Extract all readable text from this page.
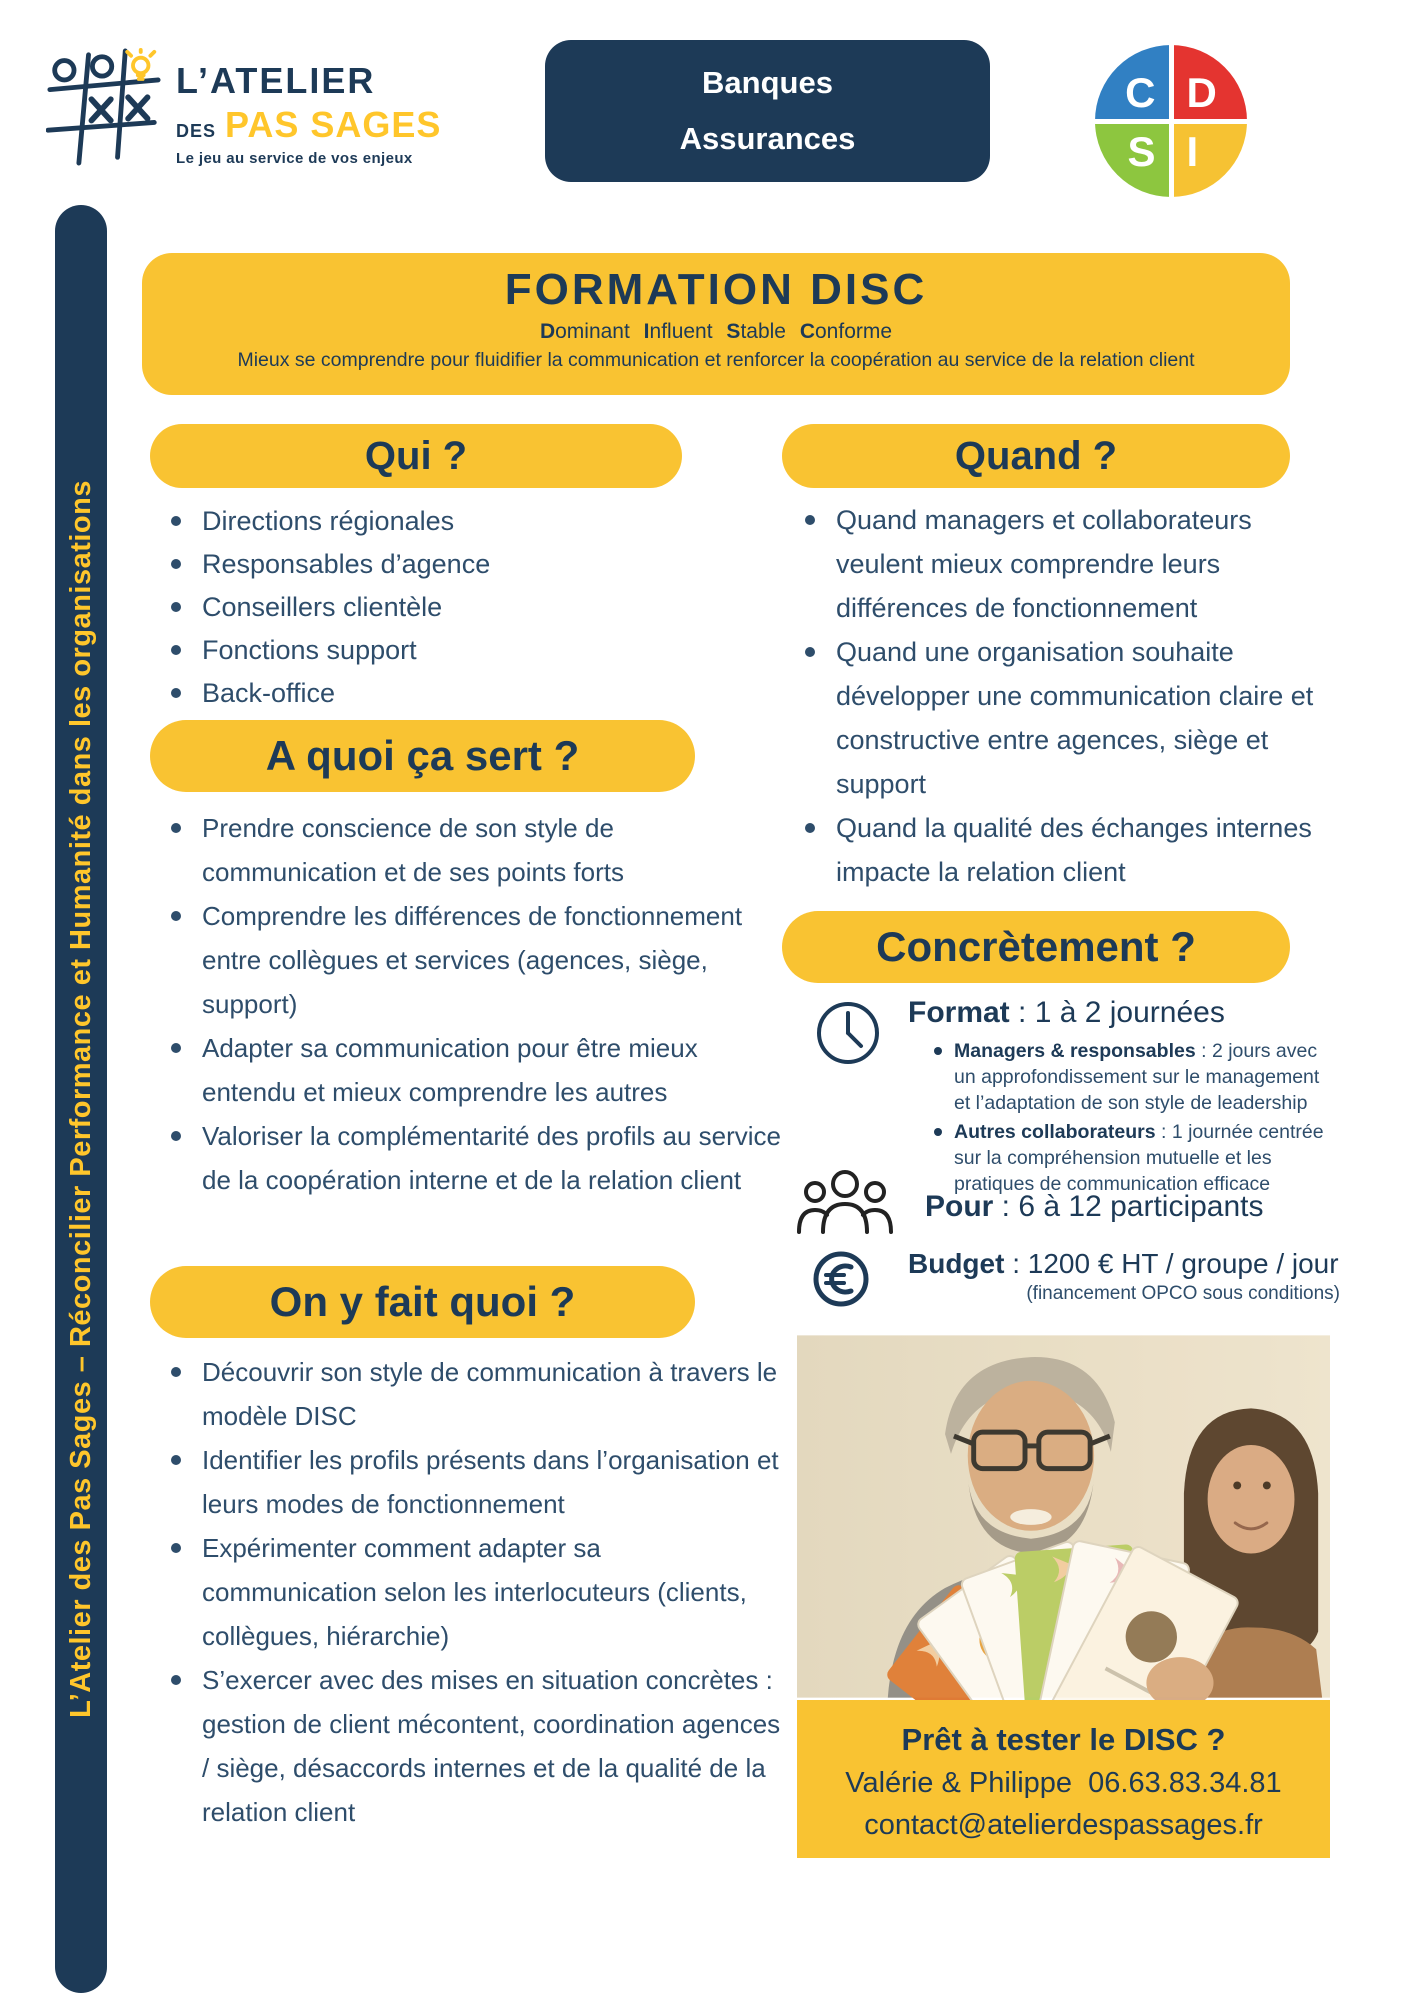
L’ATELIER
DES PAS SAGES
Le jeu au service de vos enjeux
Banques
Assurances
C D
S I
L’Atelier des Pas Sages – Réconcilier Performance et Humanité dans les organisations
FORMATION DISC
Dominant Influent Stable Conforme
Mieux se comprendre pour fluidifier la communication et renforcer la coopération au service de la relation client
Qui ?	Quand ?
A quoi ça sert ?
On y fait quoi ?
Concrètement ?
Directions régionales
Responsables d’agence
Conseillers clientèle
Fonctions support
Back-office
Prendre conscience de son style de communication et de ses points forts
Comprendre les différences de fonctionnement entre collègues et services (agences, siège, support)
Adapter sa communication pour être mieux entendu et mieux comprendre les autres
Valoriser la complémentarité des profils au service de la coopération interne et de la relation client
Découvrir son style de communication à travers le modèle DISC
Identifier les profils présents dans l’organisation et leurs modes de fonctionnement
Expérimenter comment adapter sa communication selon les interlocuteurs (clients, collègues, hiérarchie)
S’exercer avec des mises en situation concrètes : gestion de client mécontent, coordination agences / siège, désaccords internes et de la qualité de la relation client
Quand managers et collaborateurs veulent mieux comprendre leurs différences de fonctionnement
Quand une organisation souhaite développer une communication claire et constructive entre agences, siège et support
Quand la qualité des échanges internes impacte la relation client
Format : 1 à 2 journées
Managers & responsables : 2 jours avec un approfondissement sur le management et l’adaptation de son style de leadership
Autres collaborateurs : 1 journée centrée sur la compréhension mutuelle et les pratiques de communication efficace
Pour : 6 à 12 participants
Budget : 1200 € HT / groupe / jour
(financement OPCO sous conditions)
Prêt à tester le DISC ?
Valérie & Philippe  06.63.83.34.81
contact@atelierdespassages.fr
